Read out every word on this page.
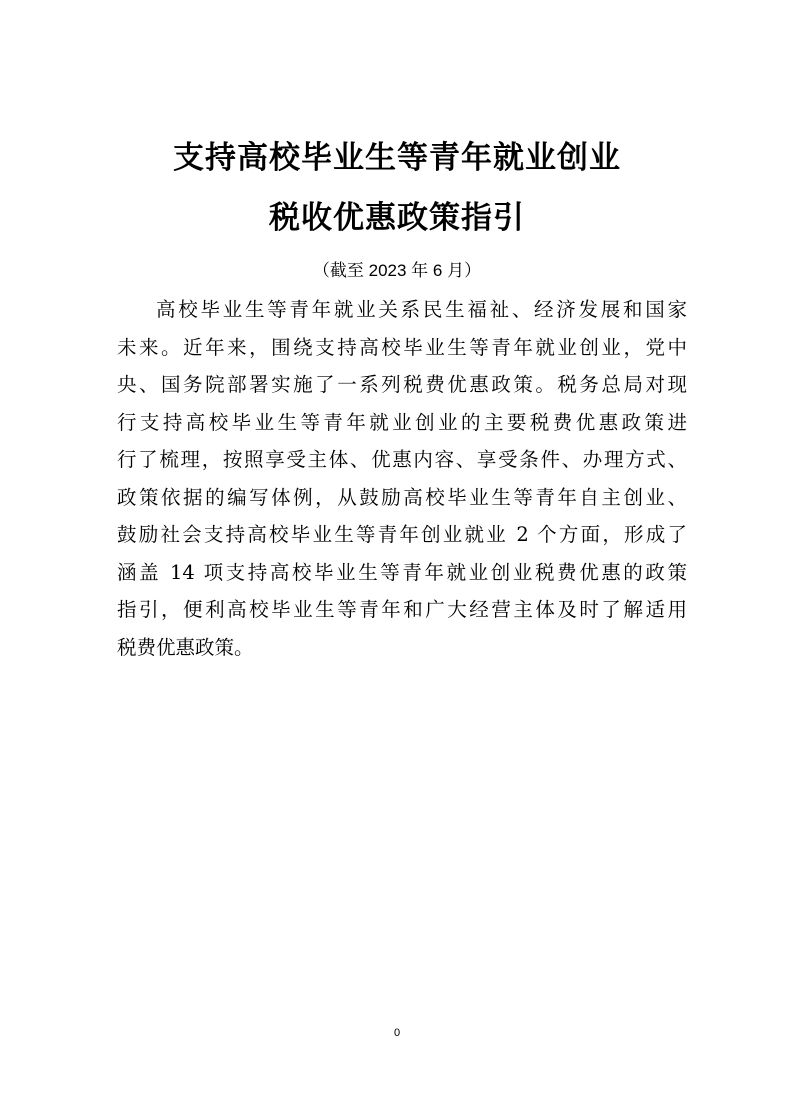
支持高校毕业生等青年就业创业
税收优惠政策指引
（截至 2023 年 6 月）
高校毕业生等青年就业关系民生福祉、经济发展和国家
未来。近年来，围绕支持高校毕业生等青年就业创业，党中
央、国务院部署实施了一系列税费优惠政策。税务总局对现
行支持高校毕业生等青年就业创业的主要税费优惠政策进
行了梳理，按照享受主体、优惠内容、享受条件、办理方式、
政策依据的编写体例，从鼓励高校毕业生等青年自主创业、
鼓励社会支持高校毕业生等青年创业就业 2 个方面，形成了
涵盖 14 项支持高校毕业生等青年就业创业税费优惠的政策
指引，便利高校毕业生等青年和广大经营主体及时了解适用
税费优惠政策。
0
